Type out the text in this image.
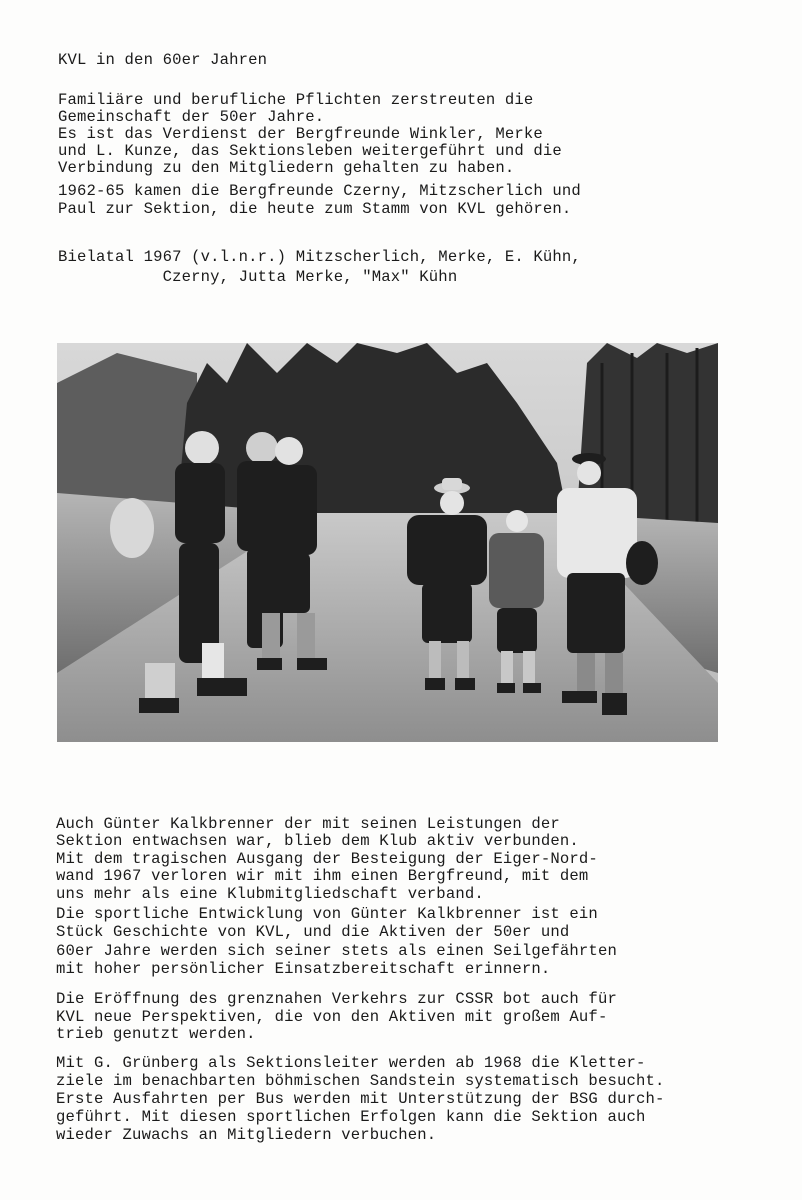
KVL in den 60er Jahren
Familiäre und berufliche Pflichten zerstreuten die
Gemeinschaft der 50er Jahre.
Es ist das Verdienst der Bergfreunde Winkler, Merke
und L. Kunze, das Sektionsleben weitergeführt und die
Verbindung zu den Mitgliedern gehalten zu haben.
1962-65 kamen die Bergfreunde Czerny, Mitzscherlich und
Paul zur Sektion, die heute zum Stamm von KVL gehören.
Bielatal 1967 (v.l.n.r.) Mitzscherlich, Merke, E. Kühn,
Czerny, Jutta Merke, "Max" Kühn
Auch Günter Kalkbrenner der mit seinen Leistungen der
Sektion entwachsen war, blieb dem Klub aktiv verbunden.
Mit dem tragischen Ausgang der Besteigung der Eiger-Nord-
wand 1967 verloren wir mit ihm einen Bergfreund, mit dem
uns mehr als eine Klubmitgliedschaft verband.
Die sportliche Entwicklung von Günter Kalkbrenner ist ein
Stück Geschichte von KVL, und die Aktiven der 50er und
60er Jahre werden sich seiner stets als einen Seilgefährten
mit hoher persönlicher Einsatzbereitschaft erinnern.
Die Eröffnung des grenznahen Verkehrs zur CSSR bot auch für
KVL neue Perspektiven, die von den Aktiven mit großem Auf-
trieb genutzt werden.
Mit G. Grünberg als Sektionsleiter werden ab 1968 die Kletter-
ziele im benachbarten böhmischen Sandstein systematisch besucht.
Erste Ausfahrten per Bus werden mit Unterstützung der BSG durch-
geführt. Mit diesen sportlichen Erfolgen kann die Sektion auch
wieder Zuwachs an Mitgliedern verbuchen.
